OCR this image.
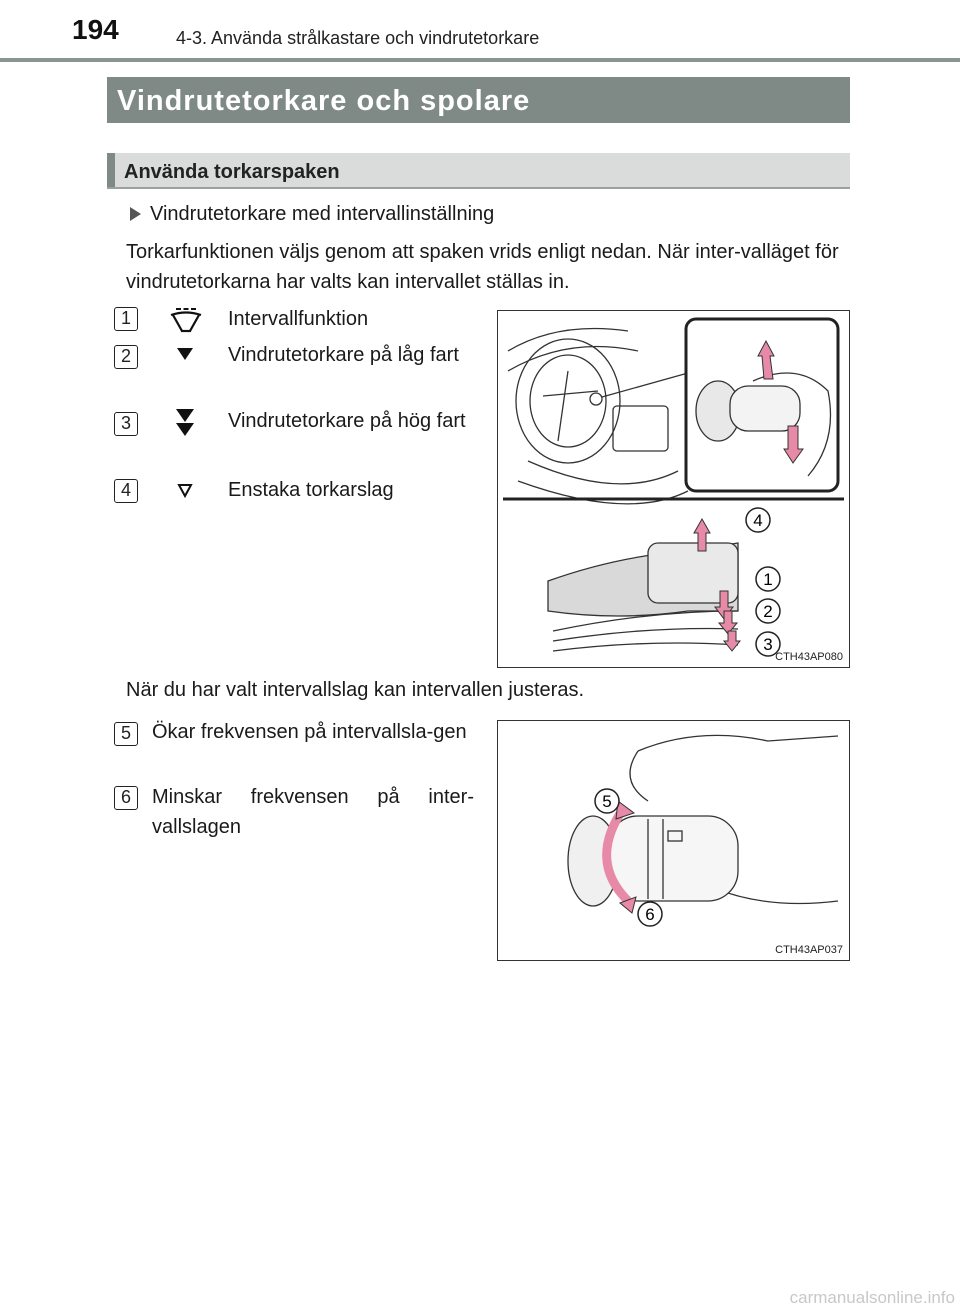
194	4-3. Använda strålkastare och vindrutetorkare
Vindrutetorkare och spolare
Använda torkarspaken
Vindrutetorkare med intervallinställning
Torkarfunktionen väljs genom att spaken vrids enligt nedan. När inter-valläget för vindrutetorkarna har valts kan intervallet ställas in.
1	Intervallfunktion
2	Vindrutetorkare på låg fart
3	Vindrutetorkare på hög fart
4	Enstaka torkarslag
4
1
2
3
CTH43AP080
När du har valt intervallslag kan intervallen justeras.
5	Ökar frekvensen på intervallsla-gen
6	Minskar frekvensen på inter-vallslagen
5
6
CTH43AP037
carmanualsonline.info
